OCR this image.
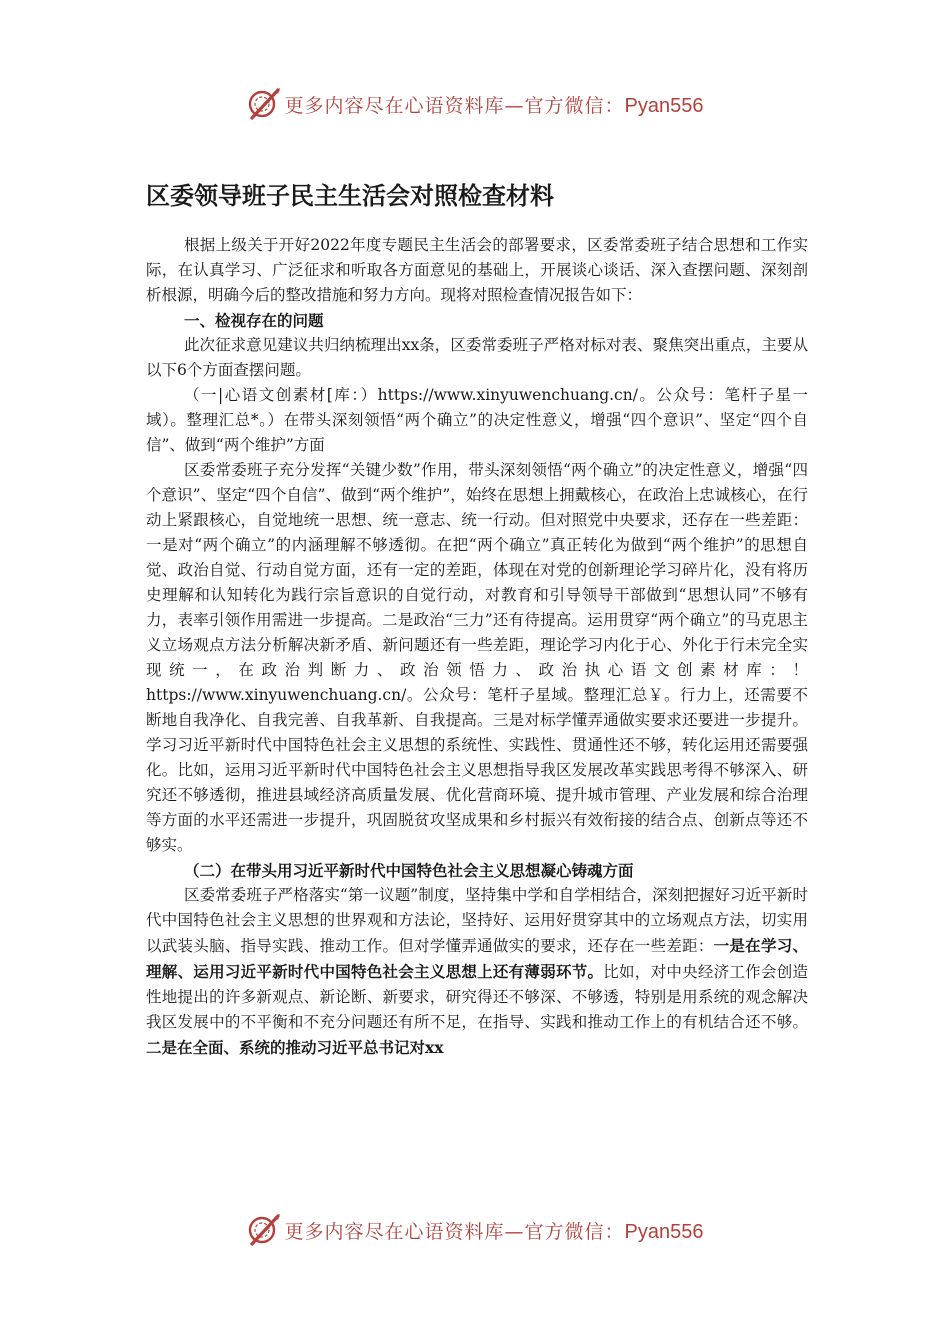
更多内容尽在心语资料库—官方微信：Pyan556
区委领导班子民主生活会对照检查材料

根据上级关于开好2022年度专题民主生活会的部署要求，区委常委班子结合思想和工作实际，在认真学习、广泛征求和听取各方面意见的基础上，开展谈心谈话、深入查摆问题、深刻剖析根源，明确今后的整改措施和努力方向。现将对照检查情况报告如下：

一、检视存在的问题

此次征求意见建议共归纳梳理出xx条，区委常委班子严格对标对表、聚焦突出重点，主要从以下6个方面查摆问题。

（一|心语文创素材[库：）https://www.xinyuwenchuang.cn/。公众号：笔杆子星一域）。整理汇总*。）在带头深刻领悟“两个确立”的决定性意义，增强“四个意识”、坚定“四个自信”、做到“两个维护”方面

区委常委班子充分发挥“关键少数”作用，带头深刻领悟“两个确立”的决定性意义，增强“四个意识”、坚定“四个自信”、做到“两个维护”，始终在思想上拥戴核心，在政治上忠诚核心，在行动上紧跟核心，自觉地统一思想、统一意志、统一行动。但对照党中央要求，还存在一些差距：一是对“两个确立”的内涵理解不够透彻。在把“两个确立”真正转化为做到“两个维护”的思想自觉、政治自觉、行动自觉方面，还有一定的差距，体现在对党的创新理论学习碎片化，没有将历史理解和认知转化为践行宗旨意识的自觉行动，对教育和引导领导干部做到“思想认同”不够有力，表率引领作用需进一步提高。二是政治“三力”还有待提高。运用贯穿“两个确立”的马克思主义立场观点方法分析解决新矛盾、新问题还有一些差距，理论学习内化于心、外化于行未完全实现统一，在政治判断力、政治领悟力、政治执心语文创素材库：！https://www.xinyuwenchuang.cn/。公众号：笔杆子星域。整理汇总￥。行力上，还需要不断地自我净化、自我完善、自我革新、自我提高。三是对标学懂弄通做实要求还要进一步提升。学习习近平新时代中国特色社会主义思想的系统性、实践性、贯通性还不够，转化运用还需要强化。比如，运用习近平新时代中国特色社会主义思想指导我区发展改革实践思考得不够深入、研究还不够透彻，推进县域经济高质量发展、优化营商环境、提升城市管理、产业发展和综合治理等方面的水平还需进一步提升，巩固脱贫攻坚成果和乡村振兴有效衔接的结合点、创新点等还不够实。

（二）在带头用习近平新时代中国特色社会主义思想凝心铸魂方面

区委常委班子严格落实“第一议题”制度，坚持集中学和自学相结合，深刻把握好习近平新时代中国特色社会主义思想的世界观和方法论，坚持好、运用好贯穿其中的立场观点方法，切实用以武装头脑、指导实践、推动工作。但对学懂弄通做实的要求，还存在一些差距：一是在学习、理解、运用习近平新时代中国特色社会主义思想上还有薄弱环节。比如，对中央经济工作会创造性地提出的许多新观点、新论断、新要求，研究得还不够深、不够透，特别是用系统的观念解决我区发展中的不平衡和不充分问题还有所不足，在指导、实践和推动工作上的有机结合还不够。二是在全面、系统的推动习近平总书记对xx

更多内容尽在心语资料库—官方微信：Pyan556
